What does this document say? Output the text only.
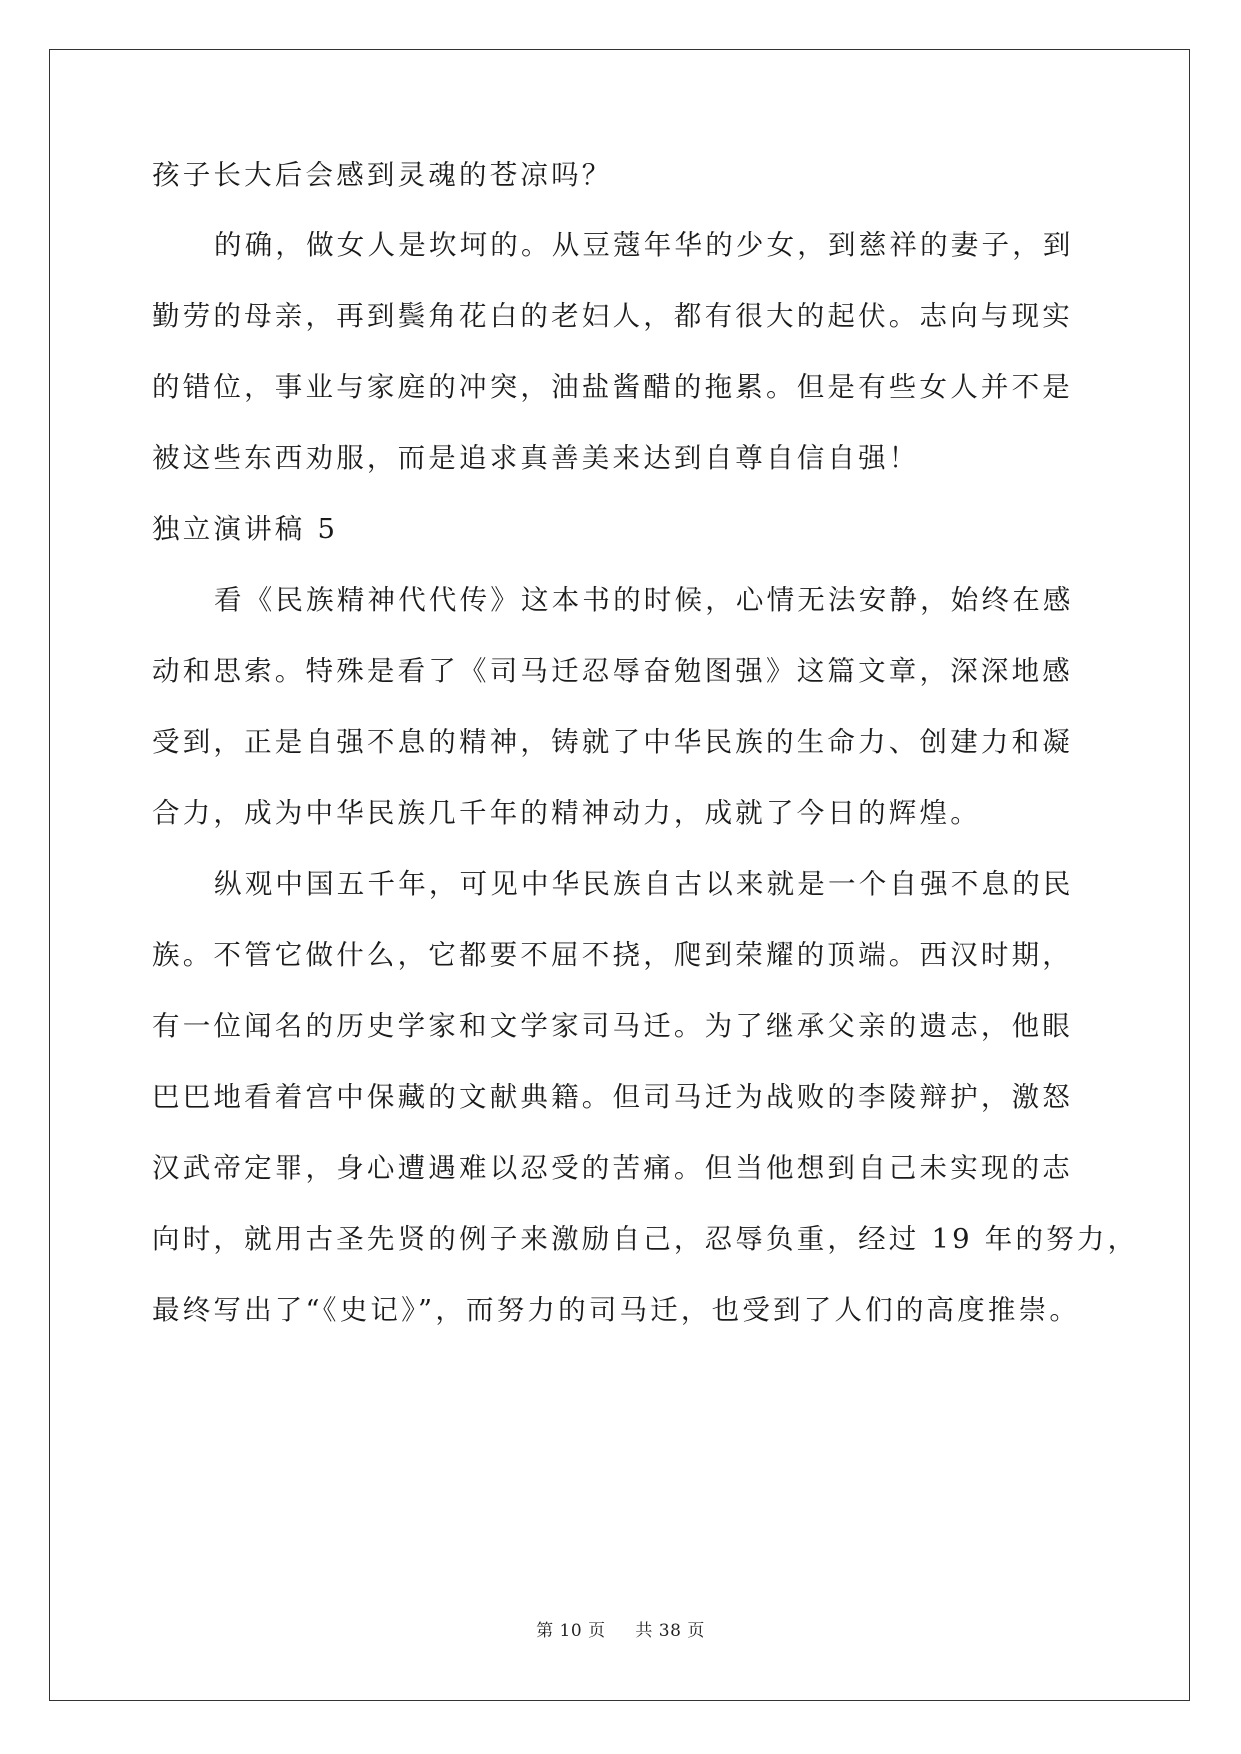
孩子长大后会感到灵魂的苍凉吗？
的确，做女人是坎坷的。从豆蔻年华的少女，到慈祥的妻子，到
勤劳的母亲，再到鬓角花白的老妇人，都有很大的起伏。志向与现实
的错位，事业与家庭的冲突，油盐酱醋的拖累。但是有些女人并不是
被这些东西劝服，而是追求真善美来达到自尊自信自强！
独立演讲稿 5
看《民族精神代代传》这本书的时候，心情无法安静，始终在感
动和思索。特殊是看了《司马迁忍辱奋勉图强》这篇文章，深深地感
受到，正是自强不息的精神，铸就了中华民族的生命力、创建力和凝
合力，成为中华民族几千年的精神动力，成就了今日的辉煌。
纵观中国五千年，可见中华民族自古以来就是一个自强不息的民
族。不管它做什么，它都要不屈不挠，爬到荣耀的顶端。西汉时期，
有一位闻名的历史学家和文学家司马迁。为了继承父亲的遗志，他眼
巴巴地看着宫中保藏的文献典籍。但司马迁为战败的李陵辩护，激怒
汉武帝定罪，身心遭遇难以忍受的苦痛。但当他想到自己未实现的志
向时，就用古圣先贤的例子来激励自己，忍辱负重，经过 19 年的努力，
最终写出了“《史记》”，而努力的司马迁，也受到了人们的高度推崇。
第 10 页 共 38 页
